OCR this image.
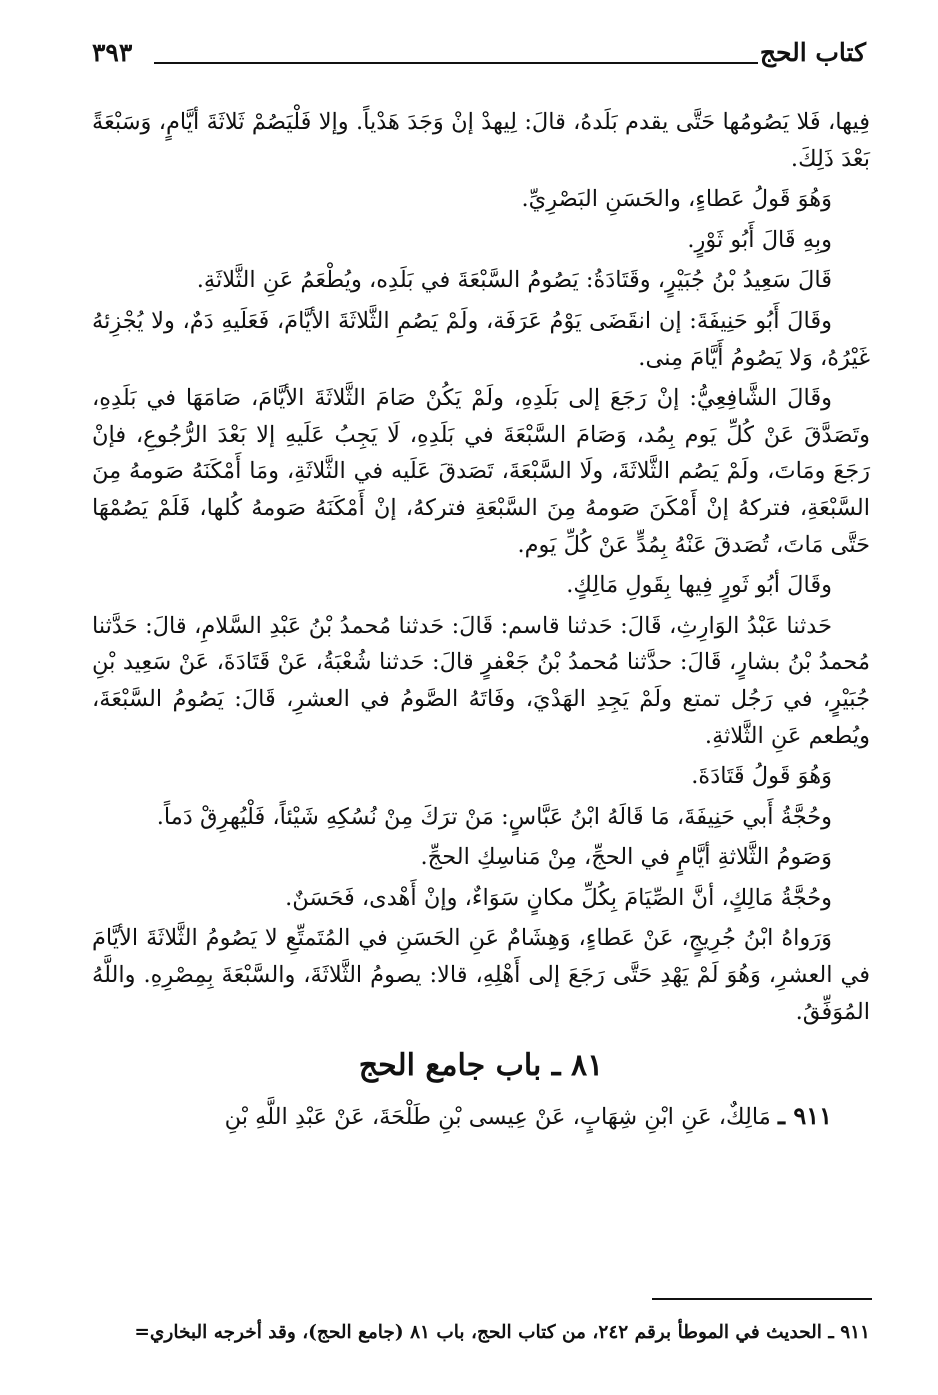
كتاب الحج
٣٩٣

فِيها، فَلا يَصُومُها حَتَّى يقدم بَلَدهُ، قالَ: لِيهدْ إنْ وَجَدَ هَدْياً. وإلا فَلْيَصُمْ ثَلاثَةَ أيَّامٍ، وَسَبْعَةً بَعْدَ ذَلِكَ.

وَهُوَ قَولُ عَطاءٍ، والحَسَنِ البَصْرِيِّ.

وبِهِ قَالَ أَبُو ثَوْرٍ.

قَالَ سَعِيدُ بْنُ جُبَيْرٍ، وقَتَادَةُ: يَصُومُ السَّبْعَةَ في بَلَدِه، ويُطْعَمُ عَنِ الثَّلاثَةِ.

وقَالَ أَبُو حَنِيفَةَ: إن انقَضَى يَوْمُ عَرَفَة، ولَمْ يَصُمِ الثَّلاثَةَ الأيَّامَ، فَعَلَيهِ دَمٌ، ولا يُجْزِئهُ غَيْرُهُ، وَلا يَصُومُ أَيَّامَ مِنى.

وقَالَ الشَّافِعِيُّ: إنْ رَجَعَ إلى بَلَدِهِ، ولَمْ يَكُنْ صَامَ الثَّلاثَةَ الأيَّامَ، صَامَهَا في بَلَدِهِ، وتَصَدَّقَ عَنْ كُلِّ يَوم بِمُد، وَصَامَ السَّبْعَةَ في بَلَدِهِ، لَا يَجِبُ عَلَيهِ إلا بَعْدَ الرُّجُوعِ، فإنْ رَجَعَ ومَاتَ، ولَمْ يَصُم الثَّلاثَةَ، ولَا السَّبْعَةَ، تَصَدقَ عَلَيه في الثَّلاثَةِ، ومَا أَمْكَنَهُ صَومهُ مِنَ السَّبْعَةِ، فتركهُ إنْ أَمْكَنَ صَومهُ مِنَ السَّبْعَةِ فتركهُ، إنْ أَمْكَنَهُ صَومهُ كُلها، فَلَمْ يَصُمْهَا حَتَّى مَاتَ، تُصَدقَ عَنْهُ بِمُدٍّ عَنْ كُلِّ يَوم.

وقَالَ أبُو ثَورٍ فِيها بِقَولِ مَالِكٍ.

حَدثنا عَبْدُ الوَارِثِ، قَالَ: حَدثنا قاسم: قَالَ: حَدثنا مُحمدُ بْنُ عَبْدِ السَّلامِ، قالَ: حَدَّثنا مُحمدُ بْنُ بشارٍ، قَالَ: حدَّثنا مُحمدُ بْنُ جَعْفرٍ قالَ: حَدثنا شُعْبَةُ، عَنْ قَتَادَةَ، عَنْ سَعِيد بْنِ جُبَيْرٍ، في رَجُل تمتع ولَمْ يَجِدِ الهَدْيَ، وفَاتَهُ الصَّومُ في العشرِ، قَالَ: يَصُومُ السَّبْعَةَ، ويُطعم عَنِ الثَّلاثةِ.

وَهُوَ قَولُ قَتَادَةَ.

وحُجَّةُ أَبي حَنِيفَةَ، مَا قَالَهُ ابْنُ عَبَّاسٍ: مَنْ ترَكَ مِنْ نُسُكِهِ شَيْئاً، فَلْيُهرِقْ دَماً.

وَصَومُ الثَّلاثةِ أيَّامٍ في الحجِّ، مِنْ مَناسِكِ الحجِّ.

وحُجَّةُ مَالِكٍ، أنَّ الصِّيَامَ بِكُلِّ مكانٍ سَوَاءٌ، وإنْ أَهْدى، فَحَسَنٌ.

وَرَواهُ ابْنُ جُرِيجٍ، عَنْ عَطاءٍ، وَهِشَامٌ عَنِ الحَسَنِ في المُتَمتِّعِ لا يَصُومُ الثَّلاثَةَ الأيَّامَ في العشرِ، وَهُوَ لَمْ يَهْدِ حَتَّى رَجَعَ إلى أَهْلِهِ، قالا: يصومُ الثَّلاثَةَ، والسَّبْعَةَ بِمِصْرِهِ. واللَّهُ المُوَفِّقُ.

٨١ ـ باب جامع الحج

٩١١ ـ مَالِكٌ، عَنِ ابْنِ شِهَابٍ، عَنْ عِيسى بْنِ طَلْحَةَ، عَنْ عَبْدِ اللَّهِ بْنِ

٩١١ ـ الحديث في الموطأ برقم ٢٤٢، من كتاب الحج، باب ٨١ (جامع الحج)، وقد أخرجه البخاري=
